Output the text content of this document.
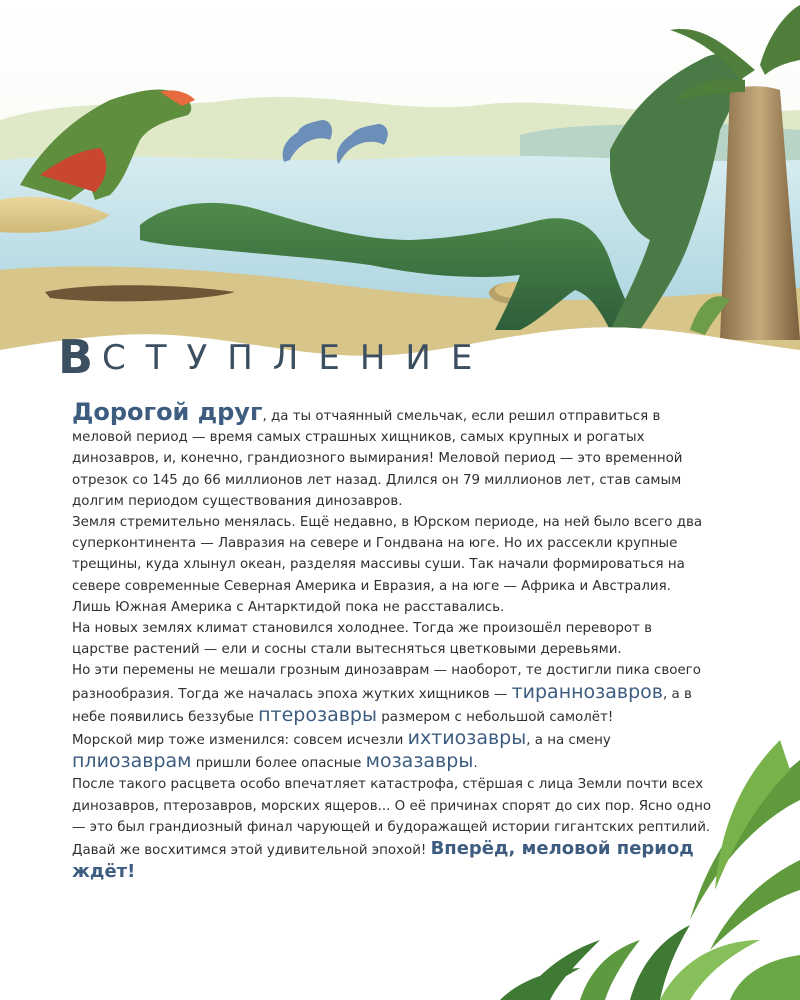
В СТУПЛЕНИЕ

Дорогой друг, да ты отчаянный смельчак, если решил отправиться в меловой период — время самых страшных хищников, самых крупных и рогатых динозавров, и, конечно, грандиозного вымирания! Меловой период — это временной отрезок со 145 до 66 миллионов лет назад. Длился он 79 миллионов лет, став самым долгим периодом существования динозавров.

Земля стремительно менялась. Ещё недавно, в Юрском периоде, на ней было всего два суперконтинента — Лавразия на севере и Гондвана на юге. Но их рассекли крупные трещины, куда хлынул океан, разделяя массивы суши. Так начали формироваться на севере современные Северная Америка и Евразия, а на юге — Африка и Австралия. Лишь Южная Америка с Антарктидой пока не расставались.

На новых землях климат становился холоднее. Тогда же произошёл переворот в царстве растений — ели и сосны стали вытесняться цветковыми деревьями.

Но эти перемены не мешали грозным динозаврам — наоборот, те достигли пика своего разнообразия. Тогда же началась эпоха жутких хищников — тираннозавров, а в небе появились беззубые птерозавры размером с небольшой самолёт!

Морской мир тоже изменился: совсем исчезли ихтиозавры, а на смену плиозаврам пришли более опасные мозазавры.

После такого расцвета особо впечатляет катастрофа, стёршая с лица Земли почти всех динозавров, птерозавров, морских ящеров... О её причинах спорят до сих пор. Ясно одно — это был грандиозный финал чарующей и будоражащей истории гигантских рептилий. Давай же восхитимся этой удивительной эпохой! Вперёд, меловой период ждёт!
